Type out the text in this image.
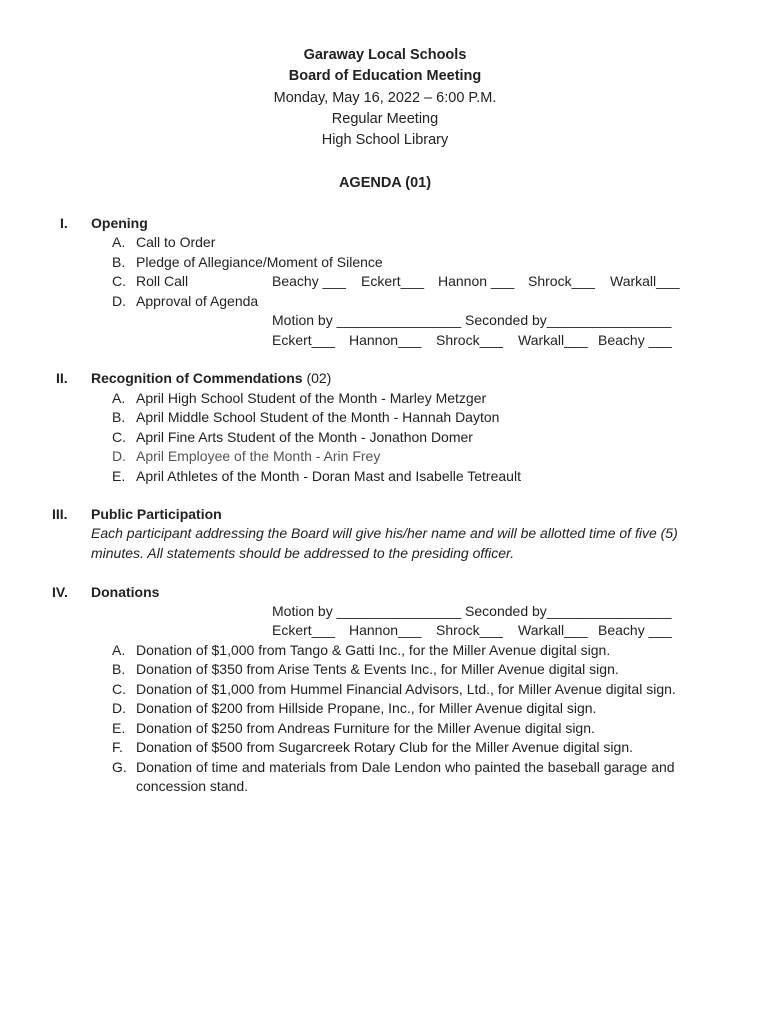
Garaway Local Schools
Board of Education Meeting
Monday, May 16, 2022 – 6:00 P.M.
Regular Meeting
High School Library
AGENDA (01)
I. Opening
A. Call to Order
B. Pledge of Allegiance/Moment of Silence
C. Roll Call
D. Approval of Agenda
Beachy ___ Eckert___ Hannon ___ Shrock___ Warkall___
Motion by ________________ Seconded by________________
Eckert___ Hannon___ Shrock___ Warkall___ Beachy ___
II. Recognition of Commendations (02)
A. April High School Student of the Month - Marley Metzger
B. April Middle School Student of the Month - Hannah Dayton
C. April Fine Arts Student of the Month - Jonathon Domer
D. April Employee of the Month - Arin Frey
E. April Athletes of the Month - Doran Mast and Isabelle Tetreault
III. Public Participation
Each participant addressing the Board will give his/her name and will be allotted time of five (5)
minutes. All statements should be addressed to the presiding officer.
IV. Donations
Motion by ________________ Seconded by________________
Eckert___ Hannon___ Shrock___ Warkall___ Beachy ___
A. Donation of $1,000 from Tango & Gatti Inc., for the Miller Avenue digital sign.
B. Donation of $350 from Arise Tents & Events Inc., for Miller Avenue digital sign.
C. Donation of $1,000 from Hummel Financial Advisors, Ltd., for Miller Avenue digital sign.
D. Donation of $200 from Hillside Propane, Inc., for Miller Avenue digital sign.
E. Donation of $250 from Andreas Furniture for the Miller Avenue digital sign.
F. Donation of $500 from Sugarcreek Rotary Club for the Miller Avenue digital sign.
G. Donation of time and materials from Dale Lendon who painted the baseball garage and
concession stand.
